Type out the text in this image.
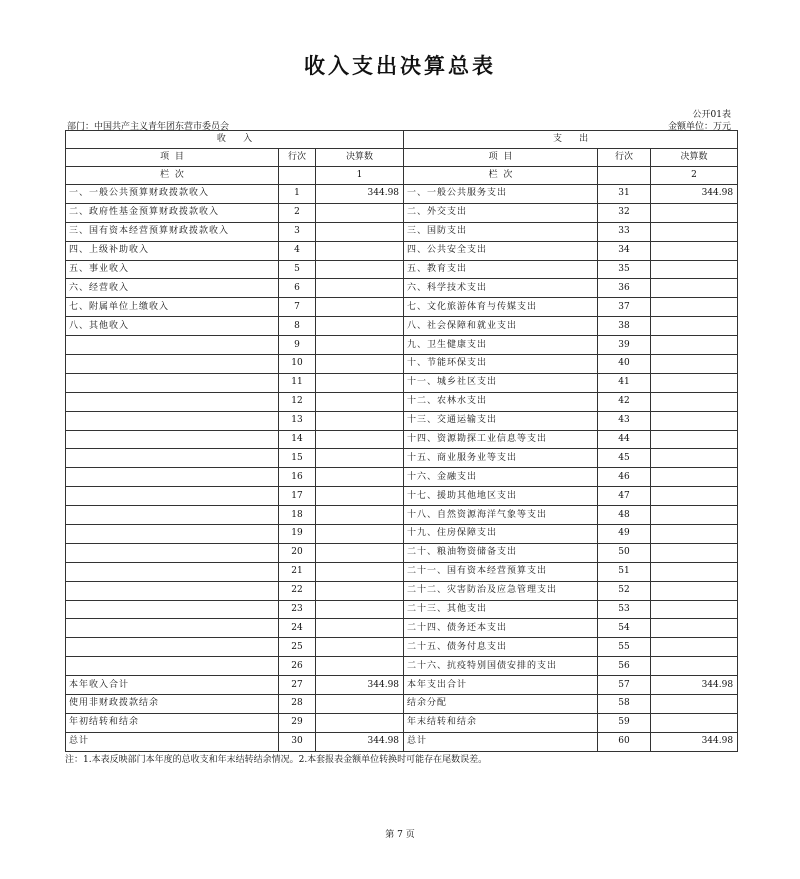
收入支出决算总表
公开01表
部门：中国共产主义青年团东营市委员会	金额单位：万元
收      入			支      出		
项  目	行次	决算数	项  目	行次	决算数
栏  次		1	栏  次		2
一、一般公共预算财政拨款收入	1	344.98	一、一般公共服务支出	31	344.98
二、政府性基金预算财政拨款收入	2		二、外交支出	32	
三、国有资本经营预算财政拨款收入	3		三、国防支出	33	
四、上级补助收入	4		四、公共安全支出	34	
五、事业收入	5		五、教育支出	35	
六、经营收入	6		六、科学技术支出	36	
七、附属单位上缴收入	7		七、文化旅游体育与传媒支出	37	
八、其他收入	8		八、社会保障和就业支出	38	
	9		九、卫生健康支出	39	
	10		十、节能环保支出	40	
	11		十一、城乡社区支出	41	
	12		十二、农林水支出	42	
	13		十三、交通运输支出	43	
	14		十四、资源勘探工业信息等支出	44	
	15		十五、商业服务业等支出	45	
	16		十六、金融支出	46	
	17		十七、援助其他地区支出	47	
	18		十八、自然资源海洋气象等支出	48	
	19		十九、住房保障支出	49	
	20		二十、粮油物资储备支出	50	
	21		二十一、国有资本经营预算支出	51	
	22		二十二、灾害防治及应急管理支出	52	
	23		二十三、其他支出	53	
	24		二十四、债务还本支出	54	
	25		二十五、债务付息支出	55	
	26		二十六、抗疫特别国债安排的支出	56	
本年收入合计	27	344.98	本年支出合计	57	344.98
使用非财政拨款结余	28		结余分配	58	
年初结转和结余	29		年末结转和结余	59	
总计	30	344.98	总计	60	344.98
注：1.本表反映部门本年度的总收支和年末结转结余情况。2.本套报表金额单位转换时可能存在尾数误差。
第 7 页
